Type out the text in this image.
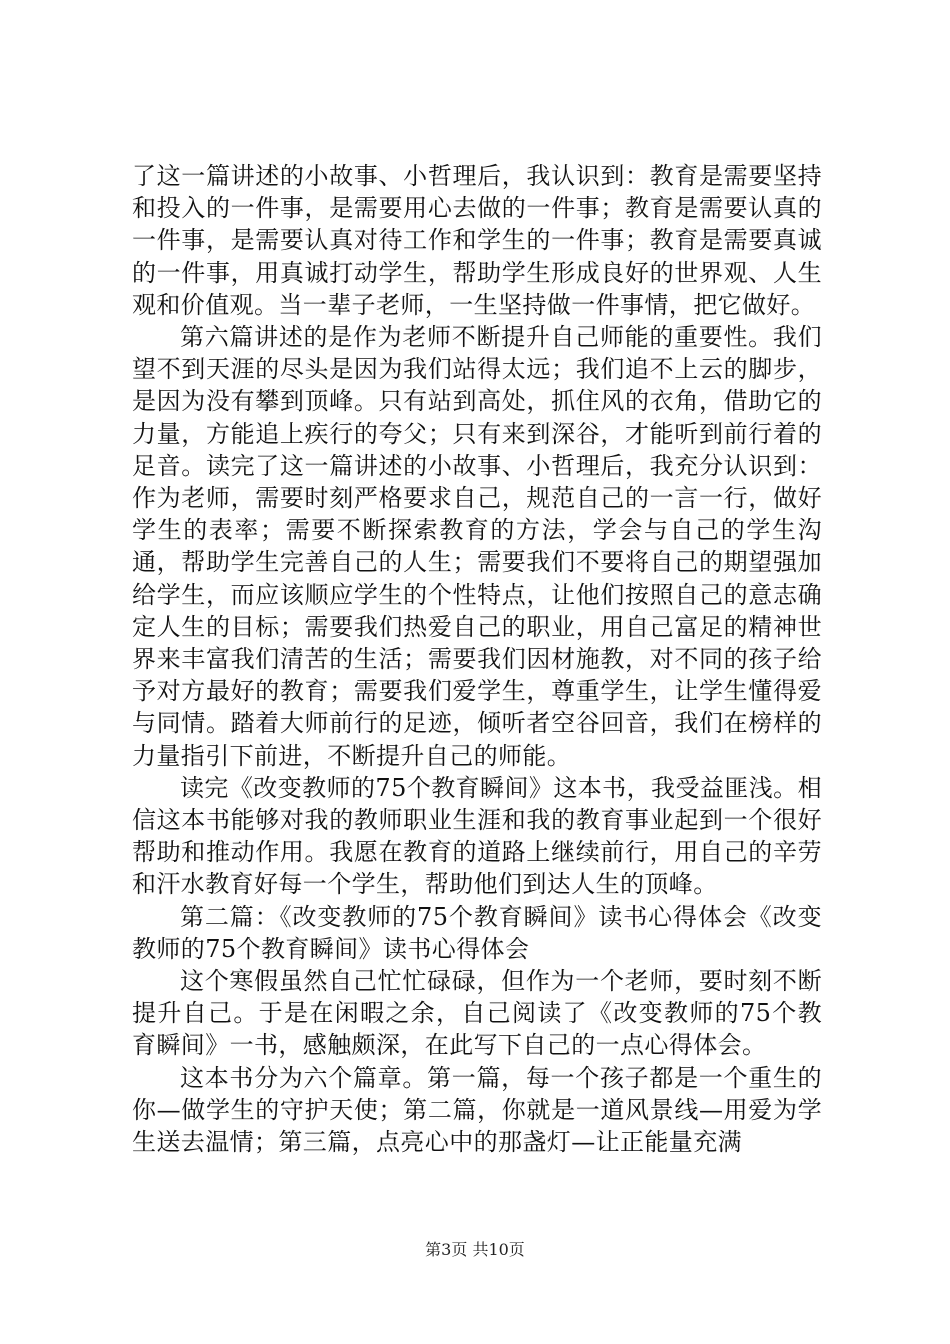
了这一篇讲述的小故事、小哲理后，我认识到：教育是需要坚持和投入的一件事，是需要用心去做的一件事；教育是需要认真的一件事，是需要认真对待工作和学生的一件事；教育是需要真诚的一件事，用真诚打动学生，帮助学生形成良好的世界观、人生观和价值观。当一辈子老师，一生坚持做一件事情，把它做好。

第六篇讲述的是作为老师不断提升自己师能的重要性。我们望不到天涯的尽头是因为我们站得太远；我们追不上云的脚步，是因为没有攀到顶峰。只有站到高处，抓住风的衣角，借助它的力量，方能追上疾行的夸父；只有来到深谷，才能听到前行着的足音。读完了这一篇讲述的小故事、小哲理后，我充分认识到：作为老师，需要时刻严格要求自己，规范自己的一言一行，做好学生的表率；需要不断探索教育的方法，学会与自己的学生沟通，帮助学生完善自己的人生；需要我们不要将自己的期望强加给学生，而应该顺应学生的个性特点，让他们按照自己的意志确定人生的目标；需要我们热爱自己的职业，用自己富足的精神世界来丰富我们清苦的生活；需要我们因材施教，对不同的孩子给予对方最好的教育；需要我们爱学生，尊重学生，让学生懂得爱与同情。踏着大师前行的足迹，倾听者空谷回音，我们在榜样的力量指引下前进，不断提升自己的师能。

读完《改变教师的75个教育瞬间》这本书，我受益匪浅。相信这本书能够对我的教师职业生涯和我的教育事业起到一个很好帮助和推动作用。我愿在教育的道路上继续前行，用自己的辛劳和汗水教育好每一个学生，帮助他们到达人生的顶峰。

第二篇：《改变教师的75个教育瞬间》读书心得体会《改变教师的75个教育瞬间》读书心得体会

这个寒假虽然自己忙忙碌碌，但作为一个老师，要时刻不断提升自己。于是在闲暇之余，自己阅读了《改变教师的75个教育瞬间》一书，感触颇深，在此写下自己的一点心得体会。

这本书分为六个篇章。第一篇，每一个孩子都是一个重生的你—做学生的守护天使；第二篇，你就是一道风景线—用爱为学生送去温情；第三篇，点亮心中的那盏灯—让正能量充满

第3页 共10页
